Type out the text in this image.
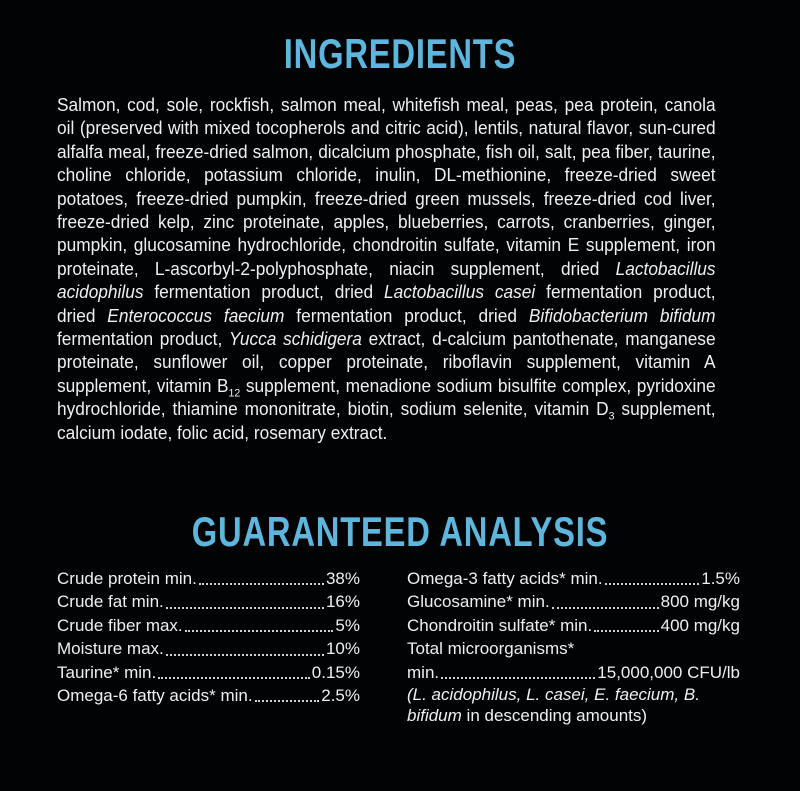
INGREDIENTS

Salmon, cod, sole, rockfish, salmon meal, whitefish meal, peas, pea protein, canola oil (preserved with mixed tocopherols and citric acid), lentils, natural flavor, sun-cured alfalfa meal, freeze-dried salmon, dicalcium phosphate, fish oil, salt, pea fiber, taurine, choline chloride, potassium chloride, inulin, DL-methionine, freeze-dried sweet potatoes, freeze-dried pumpkin, freeze-dried green mussels, freeze-dried cod liver, freeze-dried kelp, zinc proteinate, apples, blueberries, carrots, cranberries, ginger, pumpkin, glucosamine hydrochloride, chondroitin sulfate, vitamin E supplement, iron proteinate, L-ascorbyl-2-polyphosphate, niacin supplement, dried Lactobacillus acidophilus fermentation product, dried Lactobacillus casei fermentation product, dried Enterococcus faecium fermentation product, dried Bifidobacterium bifidum fermentation product, Yucca schidigera extract, d-calcium pantothenate, manganese proteinate, sunflower oil, copper proteinate, riboflavin supplement, vitamin A supplement, vitamin $B_{12}$ supplement, menadione sodium bisulfite complex, pyridoxine hydrochloride, thiamine mononitrate, biotin, sodium selenite, vitamin $D_3$ supplement, calcium iodate, folic acid, rosemary extract.

GUARANTEED ANALYSIS
Crude protein min.	38%
Crude fat min.	16%
Crude fiber max.	5%
Moisture max.	10%
Taurine* min.	0.15%
Omega-6 fatty acids* min.	2.5%
Omega-3 fatty acids* min.	1.5%
Glucosamine* min.	800 mg/kg
Chondroitin sulfate* min.	400 mg/kg
Total microorganisms*
min.	15,000,000 CFU/lb
(L. acidophilus, L. casei, E. faecium, B.
bifidum in descending amounts)
